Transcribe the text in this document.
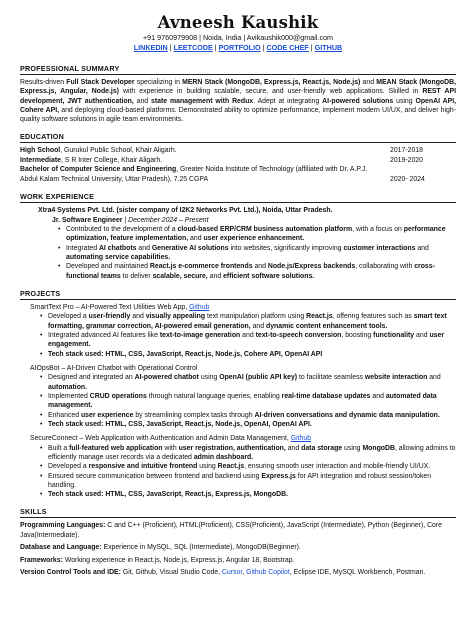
Avneesh Kaushik
+91 9760979908 | Noida, India | Avikaushik000@gmail.com
LINKEDIN | LEETCODE | PORTFOLIO | CODE CHEF | GITHUB
PROFESSIONAL SUMMARY
Results-driven Full Stack Developer specializing in MERN Stack (MongoDB, Express.js, React.js, Node.js) and MEAN Stack (MongoDB, Express.js, Angular, Node.js) with experience in building scalable, secure, and user-friendly web applications. Skilled in REST API development, JWT authentication, and state management with Redux. Adept at integrating AI-powered solutions using OpenAI API, Cohere API, and deploying cloud-based platforms. Demonstrated ability to optimize performance, implement modern UI/UX, and deliver high-quality software solutions in agile team environments.
EDUCATION
High School, Gurukul Public School, Khair Aligarh.	2017-2018
Intermediate, S R Inter College, Khair Aligarh.	2019-2020
Bachelor of Computer Science and Engineering, Greater Noida Institute of Technology (affiliated with Dr. A.P.J. Abdul Kalam Technical University, Uttar Pradesh), 7.25 CGPA	2020- 2024
WORK EXPERIENCE
Xtra4 Systems Pvt. Ltd. (sister company of I2K2 Networks Pvt. Ltd.), Noida, Uttar Pradesh.
Jr. Software Engineer | December 2024 – Present
• Contributed to the development of a cloud-based ERP/CRM business automation platform, with a focus on performance optimization, feature implementation, and user experience enhancement.
• Integrated AI chatbots and Generative AI solutions into websites, significantly improving customer interactions and automating service capabilities.
• Developed and maintained React.js e-commerce frontends and Node.js/Express backends, collaborating with cross-functional teams to deliver scalable, secure, and efficient software solutions.
PROJECTS
SmartText Pro – AI-Powered Text Utilities Web App, Github
• Developed a user-friendly and visually appealing text manipulation platform using React.js, offering features such as smart text formatting, grammar correction, AI-powered email generation, and dynamic content enhancement tools.
• Integrated advanced AI features like text-to-image generation and text-to-speech conversion, boosting functionality and user engagement.
• Tech stack used: HTML, CSS, JavaScript, React.js, Node.js, Cohere API, OpenAI API
AIOpsBot – AI-Driven Chatbot with Operational Control
• Designed and integrated an AI-powered chatbot using OpenAI (public API key) to facilitate seamless website interaction and automation.
• Implemented CRUD operations through natural language queries, enabling real-time database updates and automated data management.
• Enhanced user experience by streamlining complex tasks through AI-driven conversations and dynamic data manipulation.
• Tech stack used: HTML, CSS, JavaScript, React.js, Node.js, OpenAI, OpenAI API.
SecureConnect – Web Application with Authentication and Admin Data Management, Github
• Built a full-featured web application with user registration, authentication, and data storage using MongoDB, allowing admins to efficiently manage user records via a dedicated admin dashboard.
• Developed a responsive and intuitive frontend using React.js, ensuring smooth user interaction and mobile-friendly UI/UX.
• Ensured secure communication between frontend and backend using Express.js for API integration and robust session/token handling.
• Tech stack used: HTML, CSS, JavaScript, React.js, Express.js, MongoDB.
SKILLS
Programming Languages: C and C++ (Proficient), HTML(Proficient), CSS(Proficient), JavaScript (Intermediate), Python (Beginner), Core Java(Intermediate).
Database and Language: Experience in MySQL, SQL (Intermediate), MongoDB(Beginner).
Frameworks: Working experience in React.js, Node.js, Express.js, Angular 18, Bootstrap.
Version Control Tools and IDE: Git, Github, Visual Studio Code, Cursor, Github Copilot, Eclipse IDE, MySQL Workbench, Postman.
